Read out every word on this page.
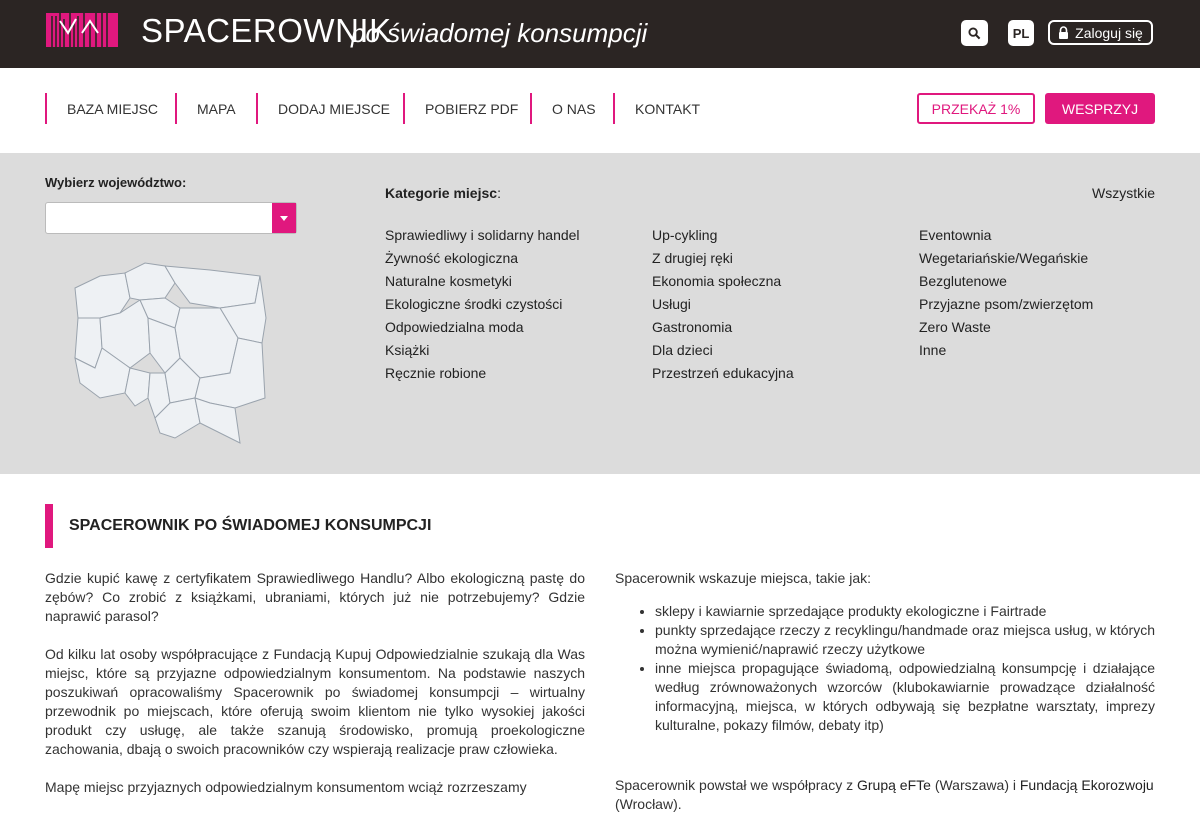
SPACEROWNIK
po świadomej konsumpcji	PL	Zaloguj się
BAZA MIEJSC	MAPA	DODAJ MIEJSCE	POBIERZ PDF	O NAS	KONTAKT	PRZEKAŻ 1%	WESPRZYJ
Wybierz województwo:
Kategorie miejsc:	Wszystkie
Sprawiedliwy i solidarny handel
Żywność ekologiczna
Naturalne kosmetyki
Ekologiczne środki czystości
Odpowiedzialna moda
Książki
Ręcznie robione
Up-cykling
Z drugiej ręki
Ekonomia społeczna
Usługi
Gastronomia
Dla dzieci
Przestrzeń edukacyjna
Eventownia
Wegetariańskie/Wegańskie
Bezglutenowe
Przyjazne psom/zwierzętom
Zero Waste
Inne
SPACEROWNIK PO ŚWIADOMEJ KONSUMPCJI

Gdzie kupić kawę z certyfikatem Sprawiedliwego Handlu? Albo ekologiczną pastę do zębów? Co zrobić z książkami, ubraniami, których już nie potrzebujemy? Gdzie naprawić parasol?

Od kilku lat osoby współpracujące z Fundacją Kupuj Odpowiedzialnie szukają dla Was miejsc, które są przyjazne odpowiedzialnym konsumentom. Na podstawie naszych poszukiwań opracowaliśmy Spacerownik po świadomej konsumpcji – wirtualny przewodnik po miejscach, które oferują swoim klientom nie tylko wysokiej jakości produkt czy usługę, ale także szanują środowisko, promują proekologiczne zachowania, dbają o swoich pracowników czy wspierają realizacje praw człowieka.

Mapę miejsc przyjaznych odpowiedzialnym konsumentom wciąż rozrzeszamy

Spacerownik wskazuje miejsca, takie jak:
• sklepy i kawiarnie sprzedające produkty ekologiczne i Fairtrade
• punkty sprzedające rzeczy z recyklingu/handmade oraz miejsca usług, w których można wymienić/naprawić rzeczy użytkowe
• inne miejsca propagujące świadomą, odpowiedzialną konsumpcję i działające według zrównoważonych wzorców (klubokawiarnie prowadzące działalność informacyjną, miejsca, w których odbywają się bezpłatne warsztaty, imprezy kulturalne, pokazy filmów, debaty itp)
Spacerownik powstał we współpracy z Grupą eFTe (Warszawa) i Fundacją Ekorozwoju (Wrocław).
